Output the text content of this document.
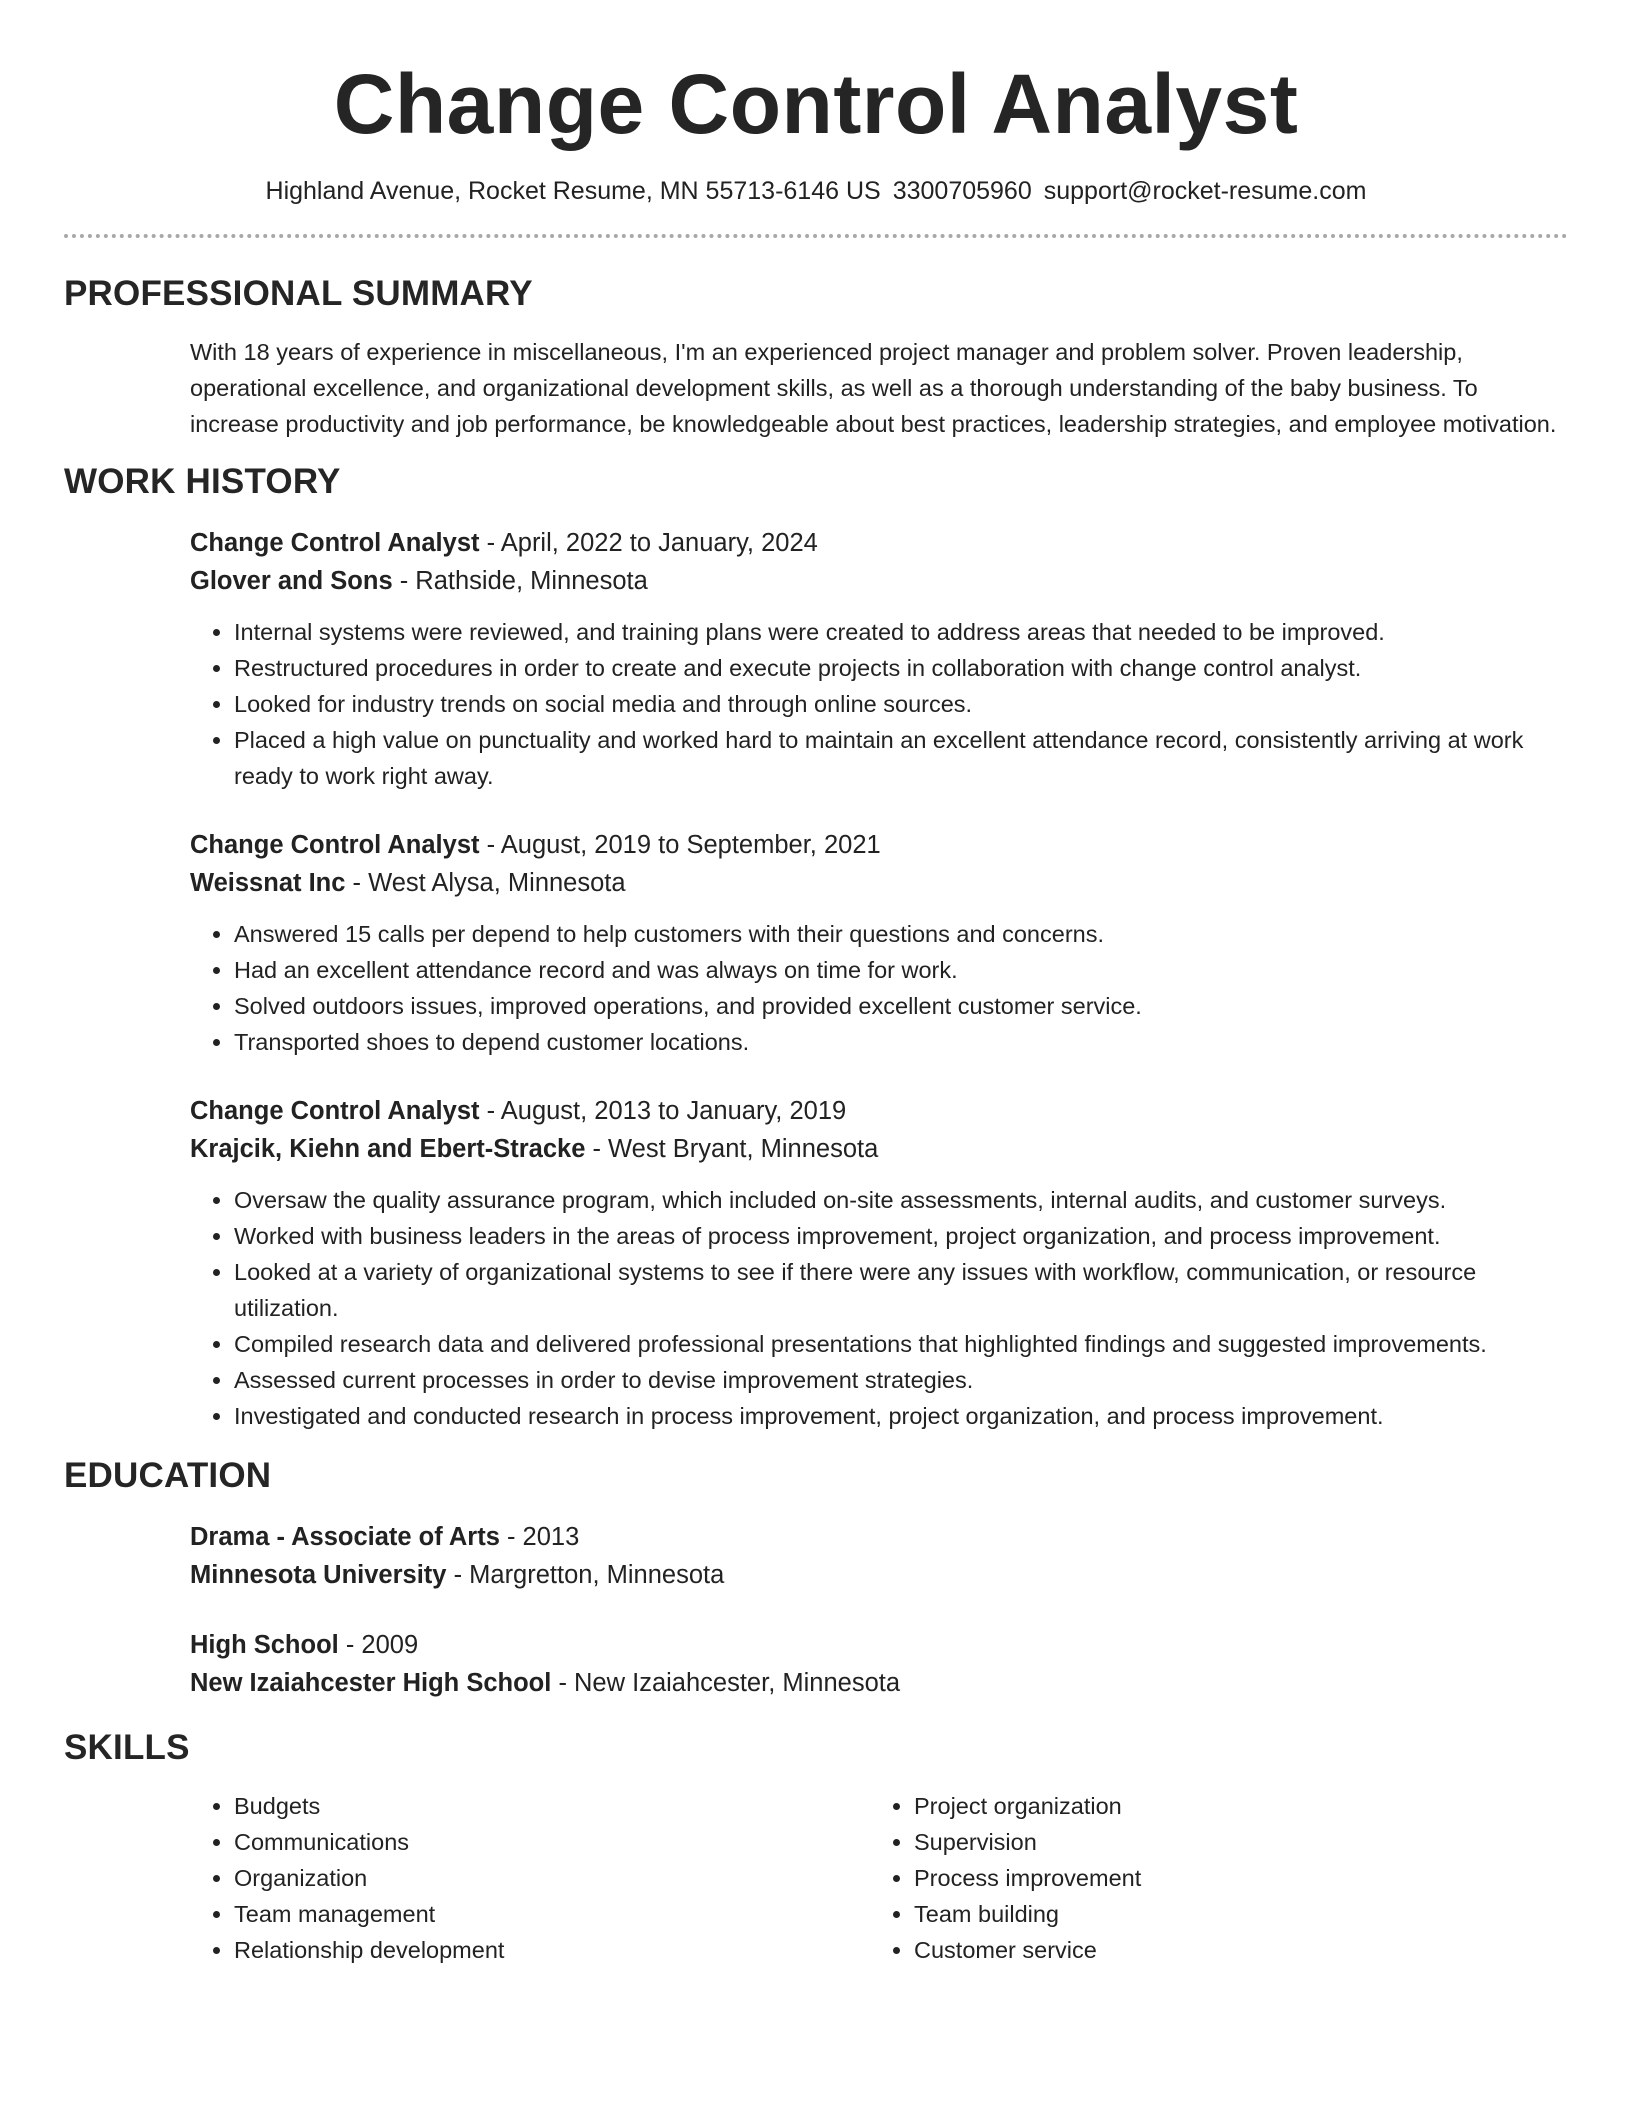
Change Control Analyst
Highland Avenue, Rocket Resume, MN 55713-6146 US 3300705960 support@rocket-resume.com
PROFESSIONAL SUMMARY

With 18 years of experience in miscellaneous, I'm an experienced project manager and problem solver. Proven leadership, operational excellence, and organizational development skills, as well as a thorough understanding of the baby business. To increase productivity and job performance, be knowledgeable about best practices, leadership strategies, and employee motivation.

WORK HISTORY
Change Control Analyst - April, 2022 to January, 2024
Glover and Sons - Rathside, Minnesota
• Internal systems were reviewed, and training plans were created to address areas that needed to be improved.
• Restructured procedures in order to create and execute projects in collaboration with change control analyst.
• Looked for industry trends on social media and through online sources.
• Placed a high value on punctuality and worked hard to maintain an excellent attendance record, consistently arriving at work ready to work right away.
Change Control Analyst - August, 2019 to September, 2021
Weissnat Inc - West Alysa, Minnesota
• Answered 15 calls per depend to help customers with their questions and concerns.
• Had an excellent attendance record and was always on time for work.
• Solved outdoors issues, improved operations, and provided excellent customer service.
• Transported shoes to depend customer locations.
Change Control Analyst - August, 2013 to January, 2019
Krajcik, Kiehn and Ebert-Stracke - West Bryant, Minnesota
• Oversaw the quality assurance program, which included on-site assessments, internal audits, and customer surveys.
• Worked with business leaders in the areas of process improvement, project organization, and process improvement.
• Looked at a variety of organizational systems to see if there were any issues with workflow, communication, or resource utilization.
• Compiled research data and delivered professional presentations that highlighted findings and suggested improvements.
• Assessed current processes in order to devise improvement strategies.
• Investigated and conducted research in process improvement, project organization, and process improvement.
EDUCATION
Drama - Associate of Arts - 2013
Minnesota University - Margretton, Minnesota
High School - 2009
New Izaiahcester High School - New Izaiahcester, Minnesota
SKILLS
• Budgets
• Communications
• Organization
• Team management
• Relationship development
• Project organization
• Supervision
• Process improvement
• Team building
• Customer service
